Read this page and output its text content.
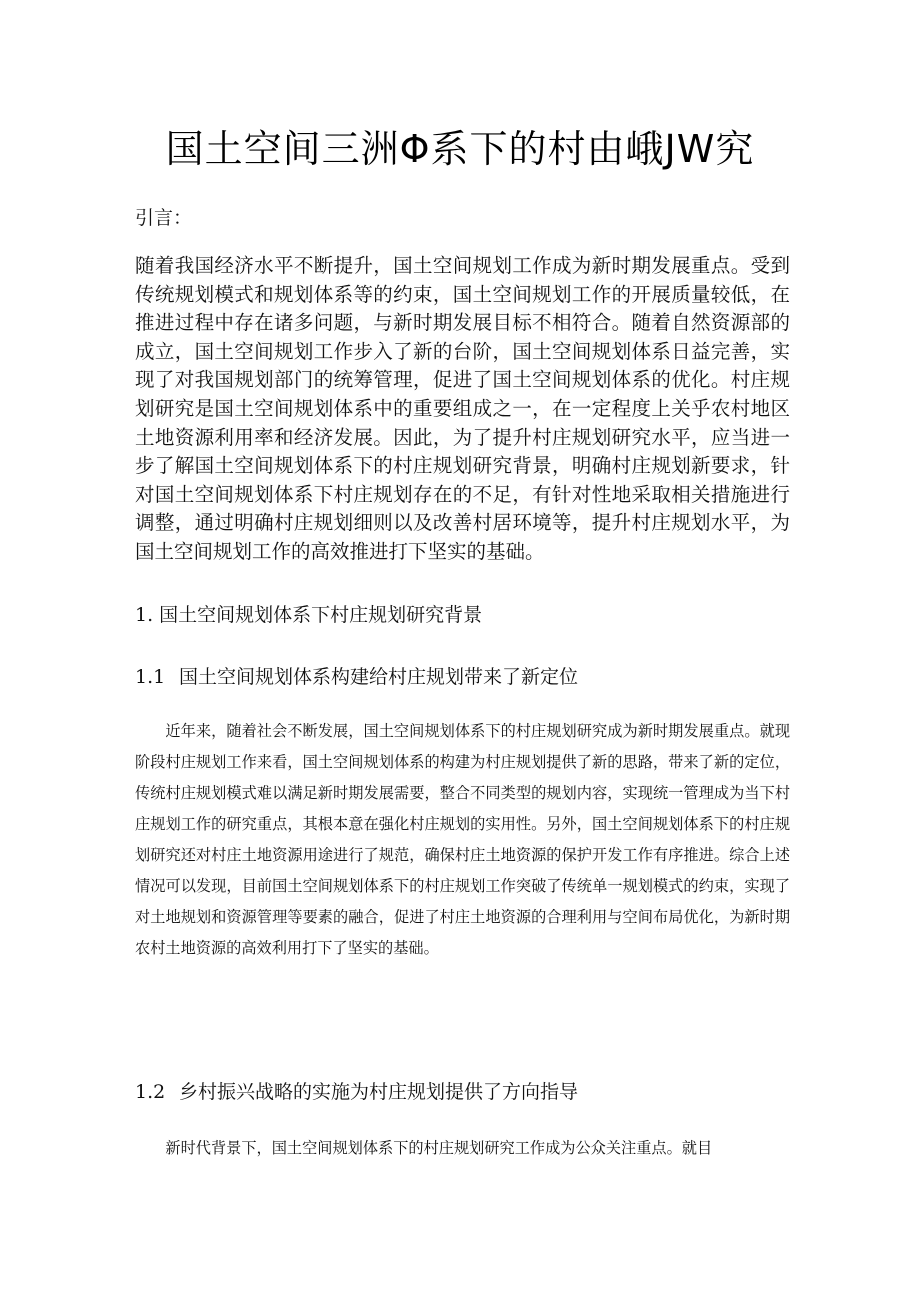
国土空间三洲Φ系下的村由峨JW究
引言：

随着我国经济水平不断提升，国土空间规划工作成为新时期发展重点。受到传统规划模式和规划体系等的约束，国土空间规划工作的开展质量较低，在推进过程中存在诸多问题，与新时期发展目标不相符合。随着自然资源部的成立，国土空间规划工作步入了新的台阶，国土空间规划体系日益完善，实现了对我国规划部门的统筹管理，促进了国土空间规划体系的优化。村庄规划研究是国土空间规划体系中的重要组成之一，在一定程度上关乎农村地区土地资源利用率和经济发展。因此，为了提升村庄规划研究水平，应当进一步了解国土空间规划体系下的村庄规划研究背景，明确村庄规划新要求，针对国土空间规划体系下村庄规划存在的不足，有针对性地采取相关措施进行调整，通过明确村庄规划细则以及改善村居环境等，提升村庄规划水平，为国土空间规划工作的高效推进打下坚实的基础。

1. 国土空间规划体系下村庄规划研究背景
1.1 国土空间规划体系构建给村庄规划带来了新定位

近年来，随着社会不断发展，国土空间规划体系下的村庄规划研究成为新时期发展重点。就现阶段村庄规划工作来看，国土空间规划体系的构建为村庄规划提供了新的思路，带来了新的定位，传统村庄规划模式难以满足新时期发展需要，整合不同类型的规划内容，实现统一管理成为当下村庄规划工作的研究重点，其根本意在强化村庄规划的实用性。另外，国土空间规划体系下的村庄规划研究还对村庄土地资源用途进行了规范，确保村庄土地资源的保护开发工作有序推进。综合上述情况可以发现，目前国土空间规划体系下的村庄规划工作突破了传统单一规划模式的约束，实现了对土地规划和资源管理等要素的融合，促进了村庄土地资源的合理利用与空间布局优化，为新时期农村土地资源的高效利用打下了坚实的基础。

1.2 乡村振兴战略的实施为村庄规划提供了方向指导

新时代背景下，国土空间规划体系下的村庄规划研究工作成为公众关注重点。就目
